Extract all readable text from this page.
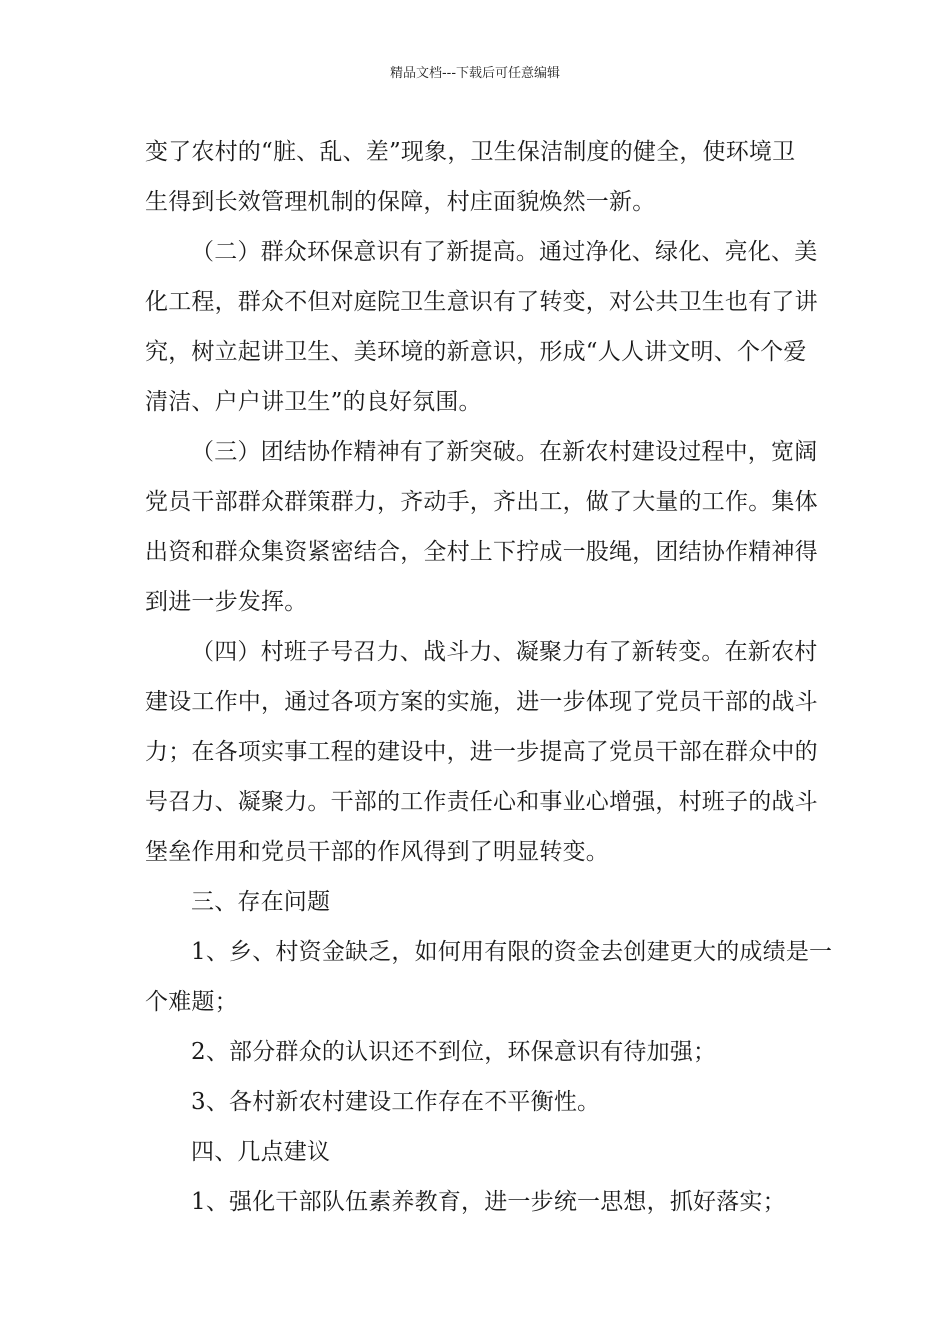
精品文档---下载后可任意编辑
变了农村的“脏、乱、差”现象，卫生保洁制度的健全，使环境卫
生得到长效管理机制的保障，村庄面貌焕然一新。
（二）群众环保意识有了新提高。通过净化、绿化、亮化、美
化工程，群众不但对庭院卫生意识有了转变，对公共卫生也有了讲
究，树立起讲卫生、美环境的新意识，形成“人人讲文明、个个爱
清洁、户户讲卫生”的良好氛围。
（三）团结协作精神有了新突破。在新农村建设过程中，宽阔
党员干部群众群策群力，齐动手，齐出工，做了大量的工作。集体
出资和群众集资紧密结合，全村上下拧成一股绳，团结协作精神得
到进一步发挥。
（四）村班子号召力、战斗力、凝聚力有了新转变。在新农村
建设工作中，通过各项方案的实施，进一步体现了党员干部的战斗
力；在各项实事工程的建设中，进一步提高了党员干部在群众中的
号召力、凝聚力。干部的工作责任心和事业心增强，村班子的战斗
堡垒作用和党员干部的作风得到了明显转变。
三、存在问题
1、乡、村资金缺乏，如何用有限的资金去创建更大的成绩是一
个难题；
2、部分群众的认识还不到位，环保意识有待加强；
3、各村新农村建设工作存在不平衡性。
四、几点建议
1、强化干部队伍素养教育，进一步统一思想，抓好落实；
